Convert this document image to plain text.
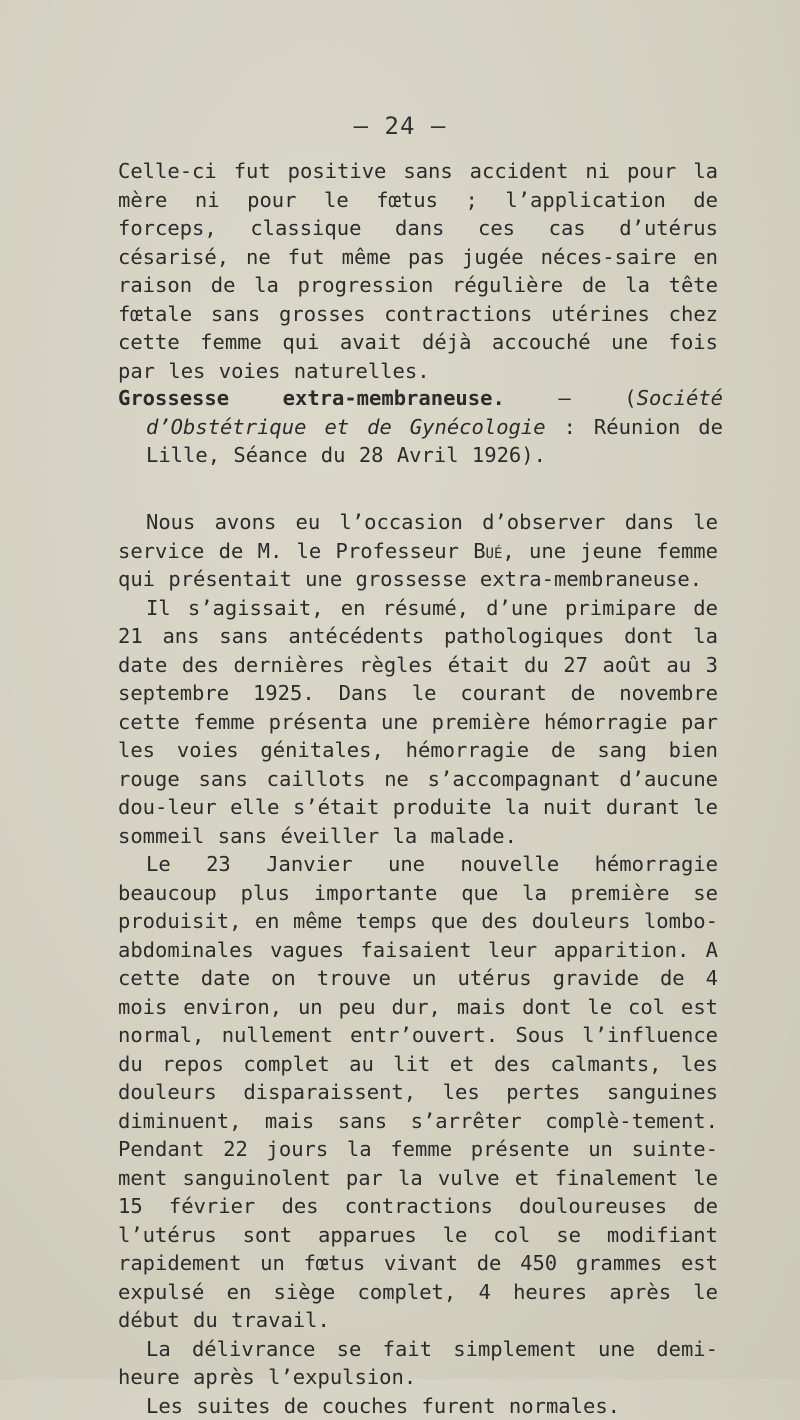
— 24 —
Celle-ci fut positive sans accident ni pour la mère ni pour le fœtus ; l’application de forceps, classique dans ces cas d’utérus césarisé, ne fut même pas jugée néces-saire en raison de la progression régulière de la tête fœtale sans grosses contractions utérines chez cette femme qui avait déjà accouché une fois par les voies naturelles.
Grossesse extra-membraneuse. — (Société d’Obstétrique et de Gynécologie : Réunion de Lille, Séance du 28 Avril 1926).

Nous avons eu l’occasion d’observer dans le service de M. le Professeur Bué, une jeune femme qui présentait une grossesse extra-membraneuse.

Il s’agissait, en résumé, d’une primipare de 21 ans sans antécédents pathologiques dont la date des dernières règles était du 27 août au 3 septembre 1925. Dans le courant de novembre cette femme présenta une première hémorragie par les voies génitales, hémorragie de sang bien rouge sans caillots ne s’accompagnant d’aucune dou-leur elle s’était produite la nuit durant le sommeil sans éveiller la malade.

Le 23 Janvier une nouvelle hémorragie beaucoup plus importante que la première se produisit, en même temps que des douleurs lombo-abdominales vagues faisaient leur apparition. A cette date on trouve un utérus gravide de 4 mois environ, un peu dur, mais dont le col est normal, nullement entr’ouvert. Sous l’influence du repos complet au lit et des calmants, les douleurs disparaissent, les pertes sanguines diminuent, mais sans s’arrêter complè-tement. Pendant 22 jours la femme présente un suinte-ment sanguinolent par la vulve et finalement le 15 février des contractions douloureuses de l’utérus sont apparues le col se modifiant rapidement un fœtus vivant de 450 grammes est expulsé en siège complet, 4 heures après le début du travail.

La délivrance se fait simplement une demi-heure après l’expulsion.

Les suites de couches furent normales.
